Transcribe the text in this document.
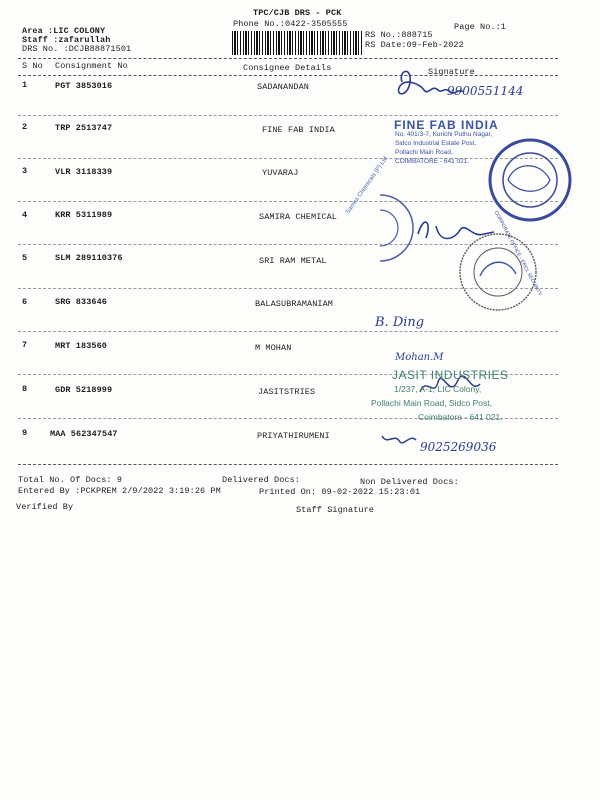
TPC/CJB DRS - PCK
Phone No.:0422-3505555	Page No.:1
Area :LIC COLONY
Staff :zafarullah
DRS No. :DCJB88871501
RS No.:888715
RS Date:09-Feb-2022
S No Consignment No	Consignee Details	Signature
1	PGT 3853016	SADANANDAN
2	TRP 2513747	FINE FAB INDIA
3	VLR 3118339	YUVARAJ
4	KRR 5311989	SAMIRA CHEMICAL
5	SLM 289110376	SRI RAM METAL
6	SRG 833646	BALASUBRAMANIAM
7	MRT 183560	M MOHAN
8	GDR 5218999	JASITSTRIES
9	MAA 562347547	PRIYATHIRUMENI
9900551144
FINE FAB INDIA
No. 401/3-7, Kurichi Puthu Nagar,
Sidco Industrial Estate Post,
Pollachi Main Road,
COIMBATORE - 641 021.
CORPORATE OFFICE - ERCL SECURITY
Samira Chemicals (P) Ltd
B. Ding
Mohan.M
JASIT INDUSTRIES
1/237, A-1, LIC Colony,
Pollachi Main Road, Sidco Post,
Coimbatore - 641 021.
9025269036
Total No. Of Docs: 9	Delivered Docs:	Non Delivered Docs:
Entered By :PCKPREM 2/9/2022 3:19:26 PM	Printed On: 09-02-2022 15:23:01
Verified By	Staff Signature
